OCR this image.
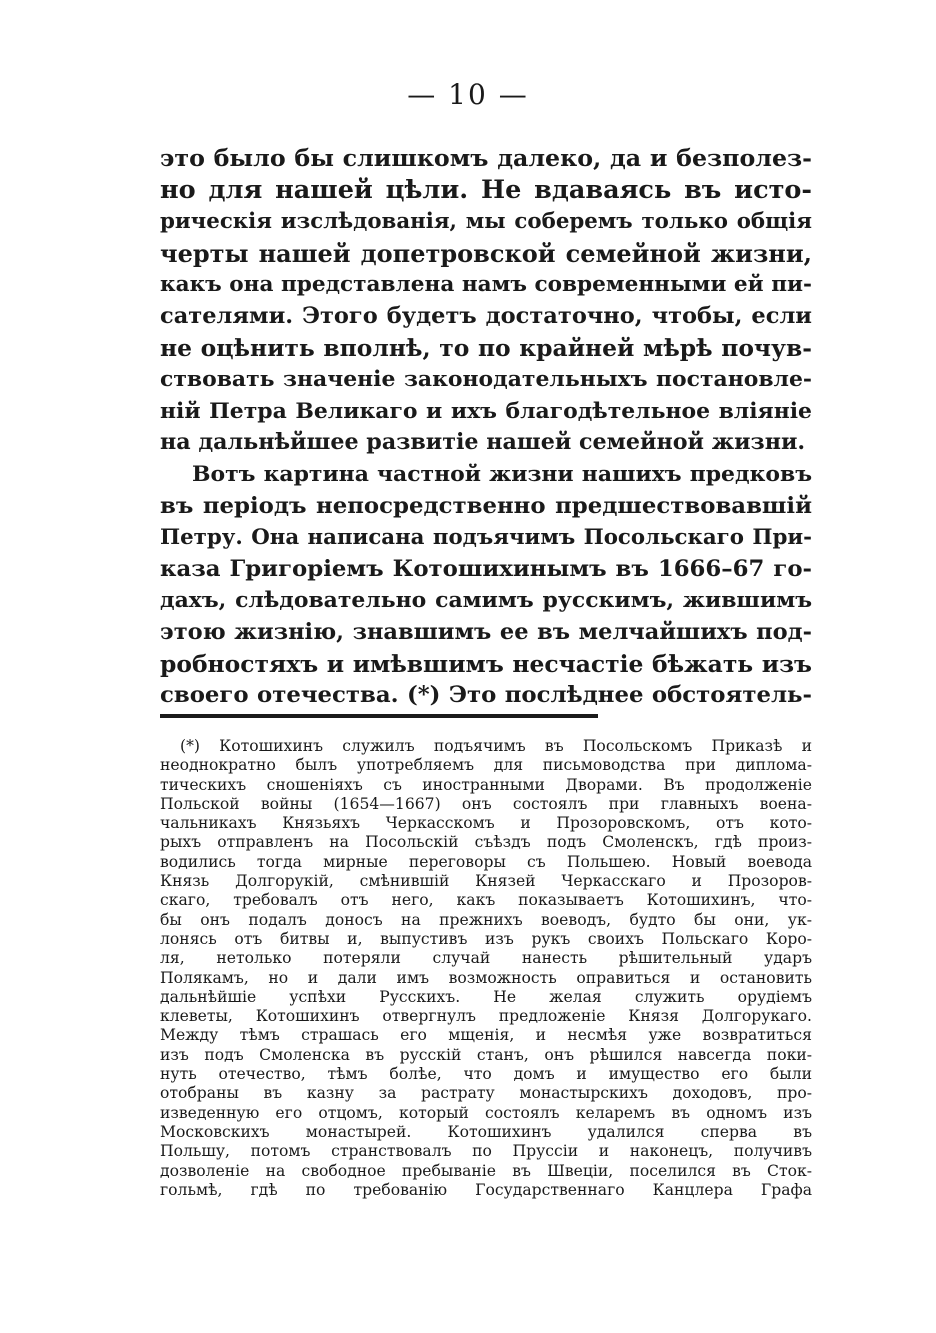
— 10 —
это было бы слишкомъ далеко, да и безполез-
но для нашей цѣли. Не вдаваясь въ исто-
рическія изслѣдованія, мы соберемъ только общія
черты нашей допетровской семейной жизни,
какъ она представлена намъ современными ей пи-
сателями. Этого будетъ достаточно, чтобы, если
не оцѣнить вполнѣ, то по крайней мѣрѣ почув-
ствовать значеніе законодательныхъ постановле-
ній Петра Великаго и ихъ благодѣтельное вліяніе
на дальнѣйшее развитіе нашей семейной жизни.
Вотъ картина частной жизни нашихъ предковъ
въ періодъ непосредственно предшествовавшій
Петру. Она написана подъячимъ Посольскаго При-
каза Григоріемъ Котошихинымъ въ 1666–67 го-
дахъ, слѣдовательно самимъ русскимъ, жившимъ
этою жизнію, знавшимъ ее въ мелчайшихъ под-
робностяхъ и имѣвшимъ несчастіе бѣжать изъ
своего отечества. (*) Это послѣднее обстоятель-
(*) Котошихинъ служилъ подъячимъ въ Посольскомъ Приказѣ и
неоднократно былъ употребляемъ для письмоводства при диплома-
тическихъ сношеніяхъ съ иностранными Дворами. Въ продолженіе
Польской войны (1654—1667) онъ состоялъ при главныхъ воена-
чальникахъ Князьяхъ Черкасскомъ и Прозоровскомъ, отъ кото-
рыхъ отправленъ на Посольскій съѣздъ подъ Смоленскъ, гдѣ произ-
водились тогда мирные переговоры съ Польшею. Новый воевода
Князь Долгорукій, смѣнившій Князей Черкасскаго и Прозоров-
скаго, требовалъ отъ него, какъ показываетъ Котошихинъ, что-
бы онъ подалъ доносъ на прежнихъ воеводъ, будто бы они, ук-
лонясь отъ битвы и, выпустивъ изъ рукъ своихъ Польскаго Коро-
ля, нетолько потеряли случай нанесть рѣшительный ударъ
Полякамъ, но и дали имъ возможность оправиться и остановить
дальнѣйшіе успѣхи Русскихъ. Не желая служить орудіемъ
клеветы, Котошихинъ отвергнулъ предложеніе Князя Долгорукаго.
Между тѣмъ страшась его мщенія, и несмѣя уже возвратиться
изъ подъ Смоленска въ русскій станъ, онъ рѣшился навсегда поки-
нуть отечество, тѣмъ болѣе, что домъ и имущество его были
отобраны въ казну за растрату монастырскихъ доходовъ, про-
изведенную его отцомъ, который состоялъ келаремъ въ одномъ изъ
Московскихъ монастырей. Котошихинъ удалился сперва въ
Польшу, потомъ странствовалъ по Пруссіи и наконецъ, получивъ
дозволеніе на свободное пребываніе въ Швеціи, поселился въ Сток-
гольмѣ, гдѣ по требованію Государственнаго Канцлера Графа
